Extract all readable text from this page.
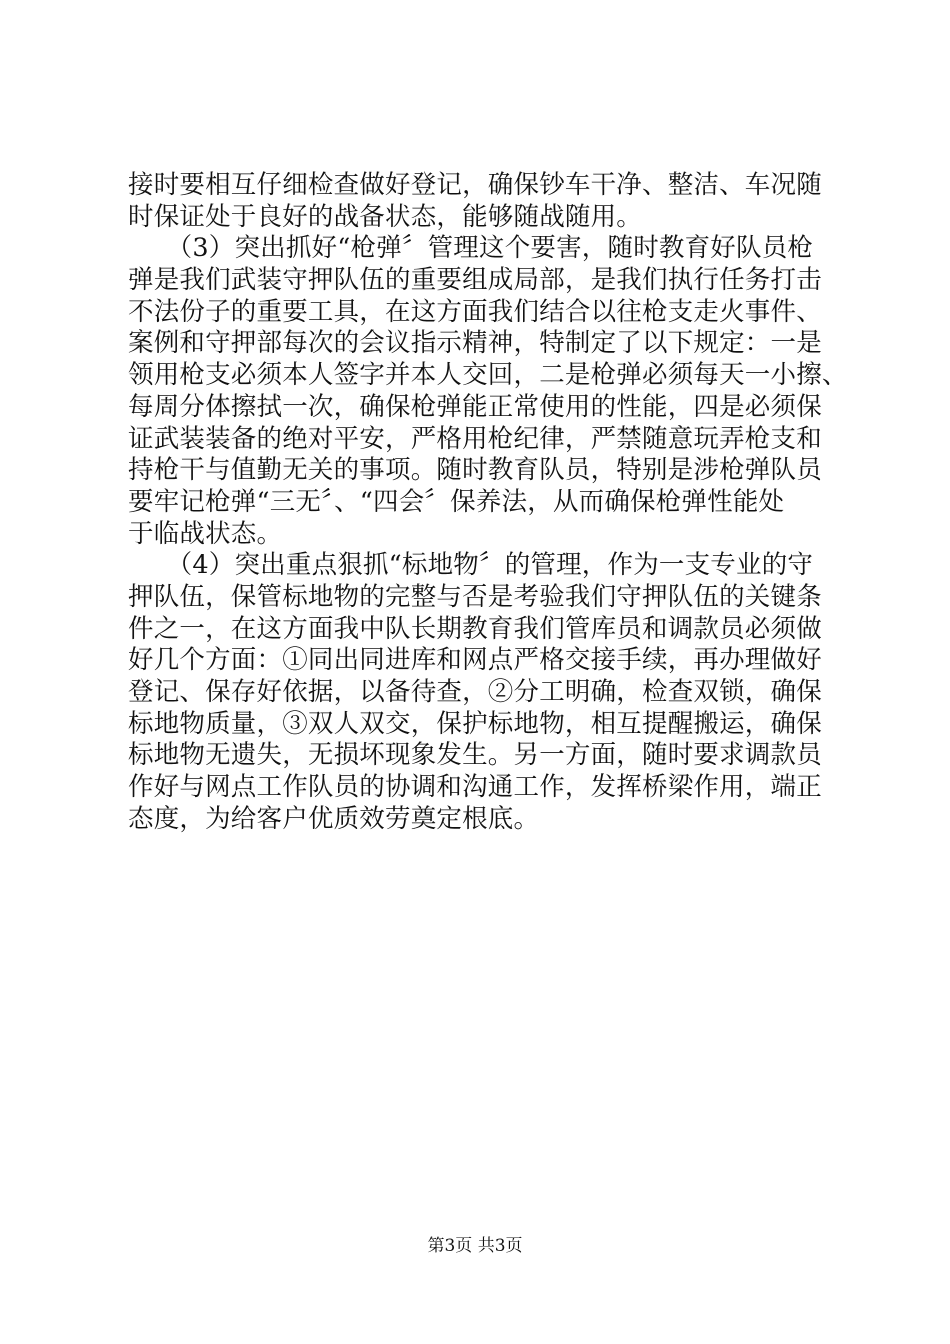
接时要相互仔细检查做好登记，确保钞车干净、整洁、车况随
时保证处于良好的战备状态，能够随战随用。
　　（3）突出抓好“枪弹〞管理这个要害，随时教育好队员枪
弹是我们武装守押队伍的重要组成局部，是我们执行任务打击
不法份子的重要工具，在这方面我们结合以往枪支走火事件、
案例和守押部每次的会议指示精神，特制定了以下规定：一是
领用枪支必须本人签字并本人交回，二是枪弹必须每天一小擦、
每周分体擦拭一次，确保枪弹能正常使用的性能，四是必须保
证武装装备的绝对平安，严格用枪纪律，严禁随意玩弄枪支和
持枪干与值勤无关的事项。随时教育队员，特别是涉枪弹队员
要牢记枪弹“三无〞、“四会〞保养法，从而确保枪弹性能处
于临战状态。
　　（4）突出重点狠抓“标地物〞的管理，作为一支专业的守
押队伍，保管标地物的完整与否是考验我们守押队伍的关键条
件之一，在这方面我中队长期教育我们管库员和调款员必须做
好几个方面：①同出同进库和网点严格交接手续，再办理做好
登记、保存好依据，以备待查，②分工明确，检查双锁，确保
标地物质量，③双人双交，保护标地物，相互提醒搬运，确保
标地物无遗失，无损坏现象发生。另一方面，随时要求调款员
作好与网点工作队员的协调和沟通工作，发挥桥梁作用，端正
态度，为给客户优质效劳奠定根底。
第3页 共3页
